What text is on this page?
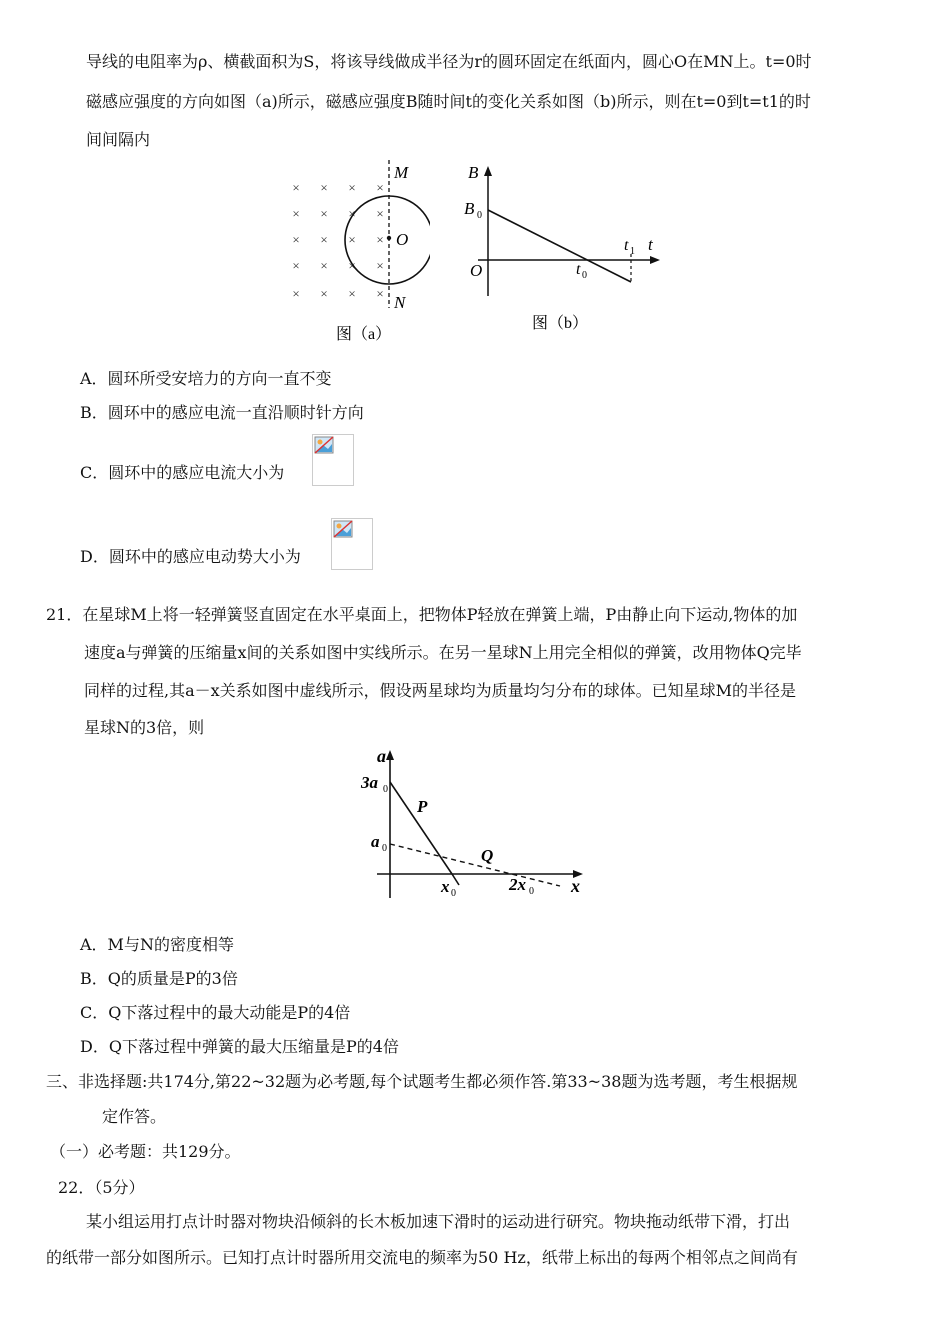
导线的电阻率为ρ、横截面积为S，将该导线做成半径为r的圆环固定在纸面内，圆心O在MN上。t=0时
磁感应强度的方向如图（a)所示，磁感应强度B随时间t的变化关系如图（b)所示，则在t=0到t=t1的时
间间隔内
× × × ×
× × × ×
× × × ×
× × × ×
× × × ×
M
O
N
图（a）
B
t
B 0
O	t 0
t 1
图（b）
A．圆环所受安培力的方向一直不变
B．圆环中的感应电流一直沿顺时针方向
C．圆环中的感应电流大小为
D．圆环中的感应电动势大小为
21．在星球M上将一轻弹簧竖直固定在水平桌面上，把物体P轻放在弹簧上端，P由静止向下运动,物体的加
速度a与弹簧的压缩量x间的关系如图中实线所示。在另一星球N上用完全相似的弹簧，改用物体Q完毕
同样的过程,其a－x关系如图中虚线所示，假设两星球均为质量均匀分布的球体。已知星球M的半径是
星球N的3倍，则
a
x
3a 0
a 0
P
Q
x 0	2x 0
A．M与N的密度相等
B．Q的质量是P的3倍
C．Q下落过程中的最大动能是P的4倍
D．Q下落过程中弹簧的最大压缩量是P的4倍
三、非选择题:共174分,第22~32题为必考题,每个试题考生都必须作答.第33~38题为选考题，考生根据规
定作答。
（一）必考题：共129分。
22．（5分）
某小组运用打点计时器对物块沿倾斜的长木板加速下滑时的运动进行研究。物块拖动纸带下滑，打出
的纸带一部分如图所示。已知打点计时器所用交流电的频率为50 Hz，纸带上标出的每两个相邻点之间尚有
